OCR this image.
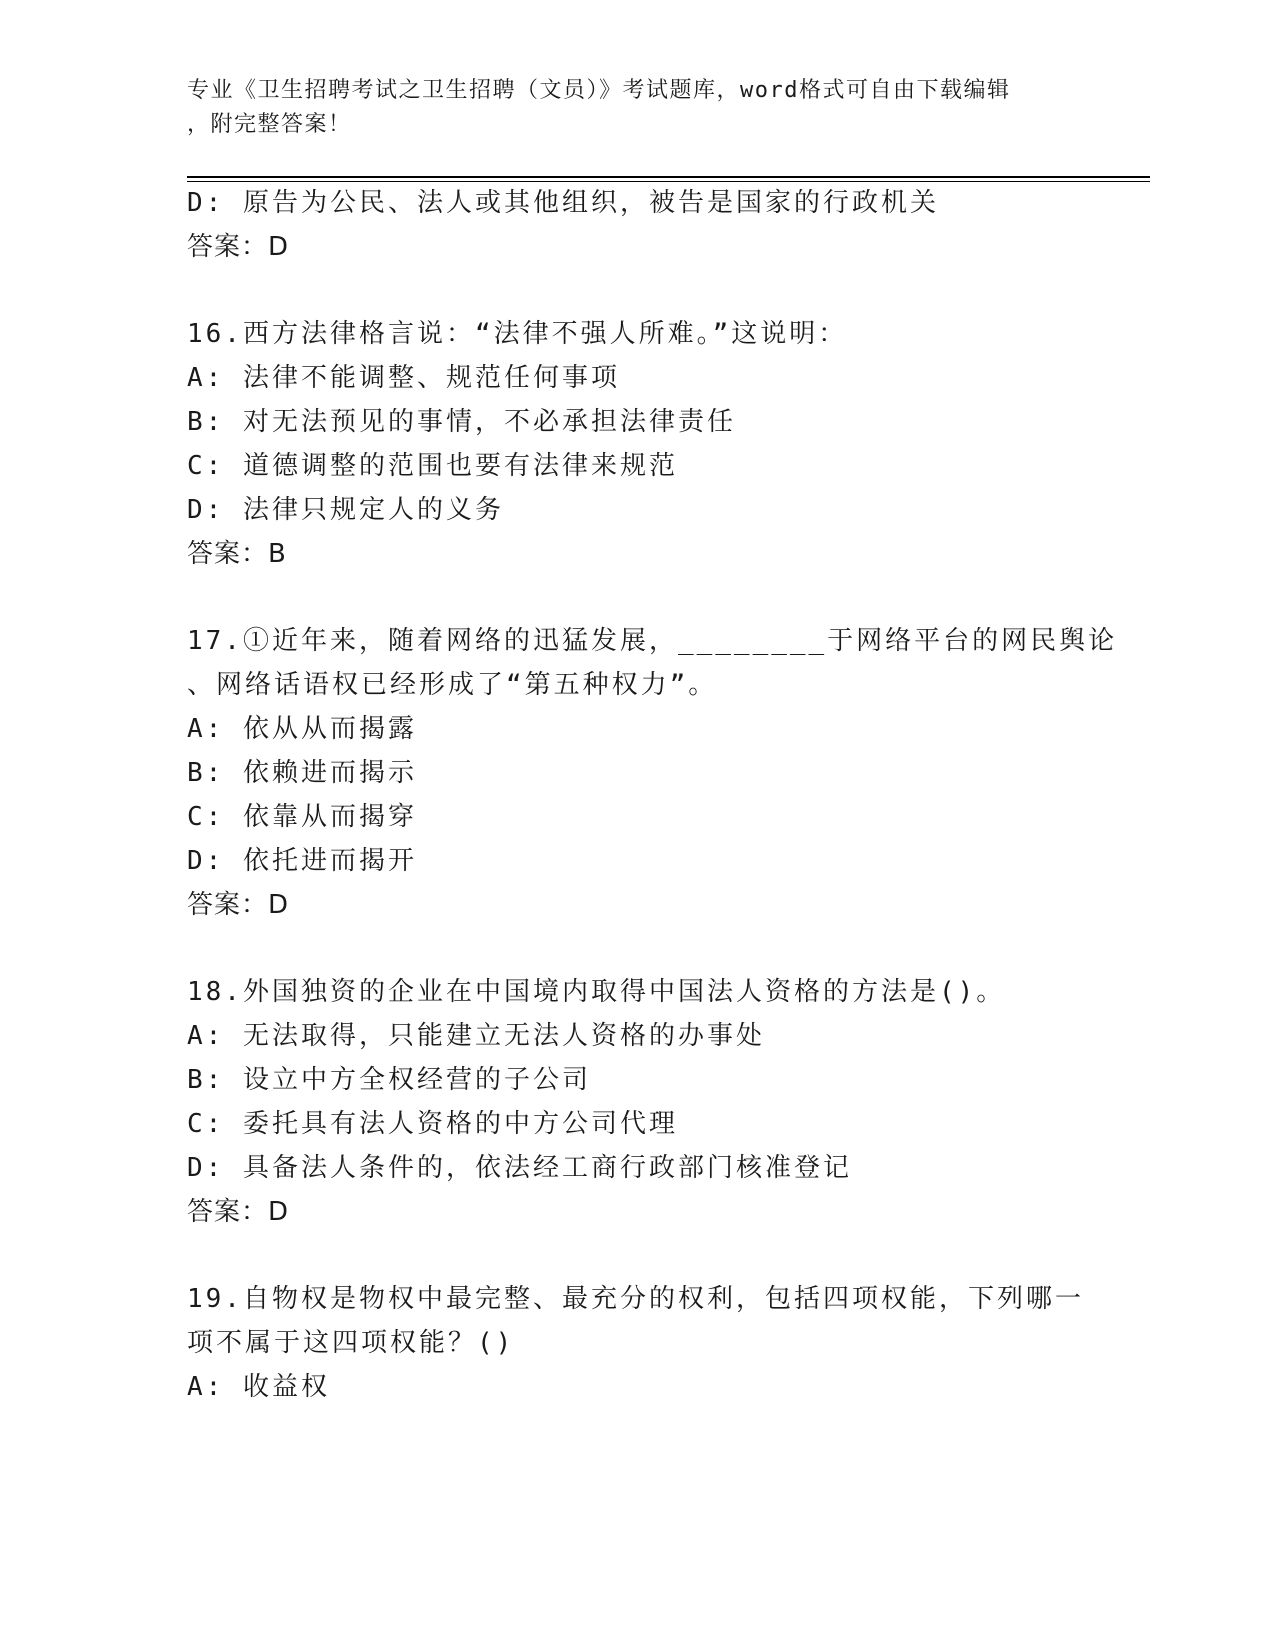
专业《卫生招聘考试之卫生招聘（文员）》考试题库，word格式可自由下载编辑
，附完整答案！
D: 原告为公民、法人或其他组织，被告是国家的行政机关
答案：D
16.西方法律格言说：“法律不强人所难。”这说明：
A: 法律不能调整、规范任何事项
B: 对无法预见的事情，不必承担法律责任
C: 道德调整的范围也要有法律来规范
D: 法律只规定人的义务
答案：B
17.①近年来，随着网络的迅猛发展，________于网络平台的网民舆论
、网络话语权已经形成了“第五种权力”。
A: 依从从而揭露
B: 依赖进而揭示
C: 依靠从而揭穿
D: 依托进而揭开
答案：D
18.外国独资的企业在中国境内取得中国法人资格的方法是()。
A: 无法取得，只能建立无法人资格的办事处
B: 设立中方全权经营的子公司
C: 委托具有法人资格的中方公司代理
D: 具备法人条件的，依法经工商行政部门核准登记
答案：D
19.自物权是物权中最完整、最充分的权利，包括四项权能，下列哪一
项不属于这四项权能？()
A: 收益权
